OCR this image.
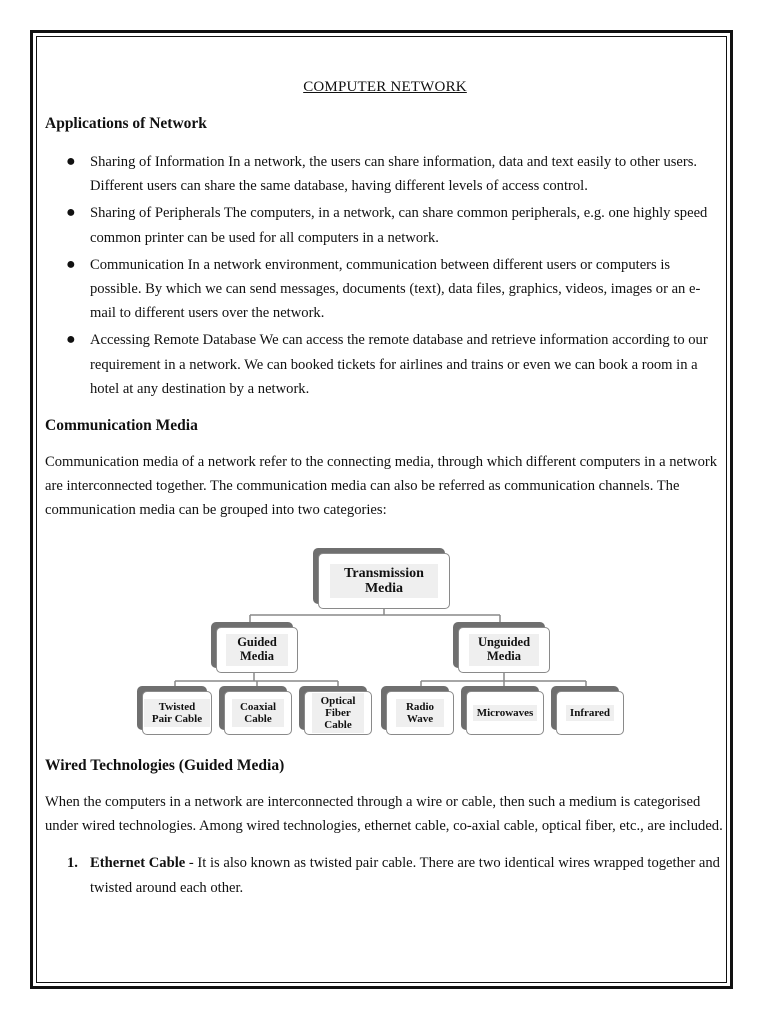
COMPUTER NETWORK
Applications of Network
● Sharing of Information In a network, the users can share information, data and text easily to other users. Different users can share the same database, having different levels of access control.
● Sharing of Peripherals The computers, in a network, can share common peripherals, e.g. one highly speed common printer can be used for all computers in a network.
● Communication In a network environment, communication between different users or computers is possible. By which we can send messages, documents (text), data files, graphics, videos, images or an e-mail to different users over the network.
● Accessing Remote Database We can access the remote database and retrieve information according to our requirement in a network. We can booked tickets for airlines and trains or even we can book a room in a hotel at any destination by a network.
Communication Media

Communication media of a network refer to the connecting media, through which different computers in a network are interconnected together. The communication media can also be referred as communication channels. The communication media can be grouped into two categories:

Transmission Media
Guided Media
Unguided Media
Twisted Pair Cable
Coaxial Cable
Optical Fiber Cable
Radio Wave
Microwaves	Infrared
Wired Technologies (Guided Media)

When the computers in a network are interconnected through a wire or cable, then such a medium is categorised under wired technologies. Among wired technologies, ethernet cable, co-axial cable, optical fiber, etc., are included.

1. Ethernet Cable - It is also known as twisted pair cable. There are two identical wires wrapped together and twisted around each other.
